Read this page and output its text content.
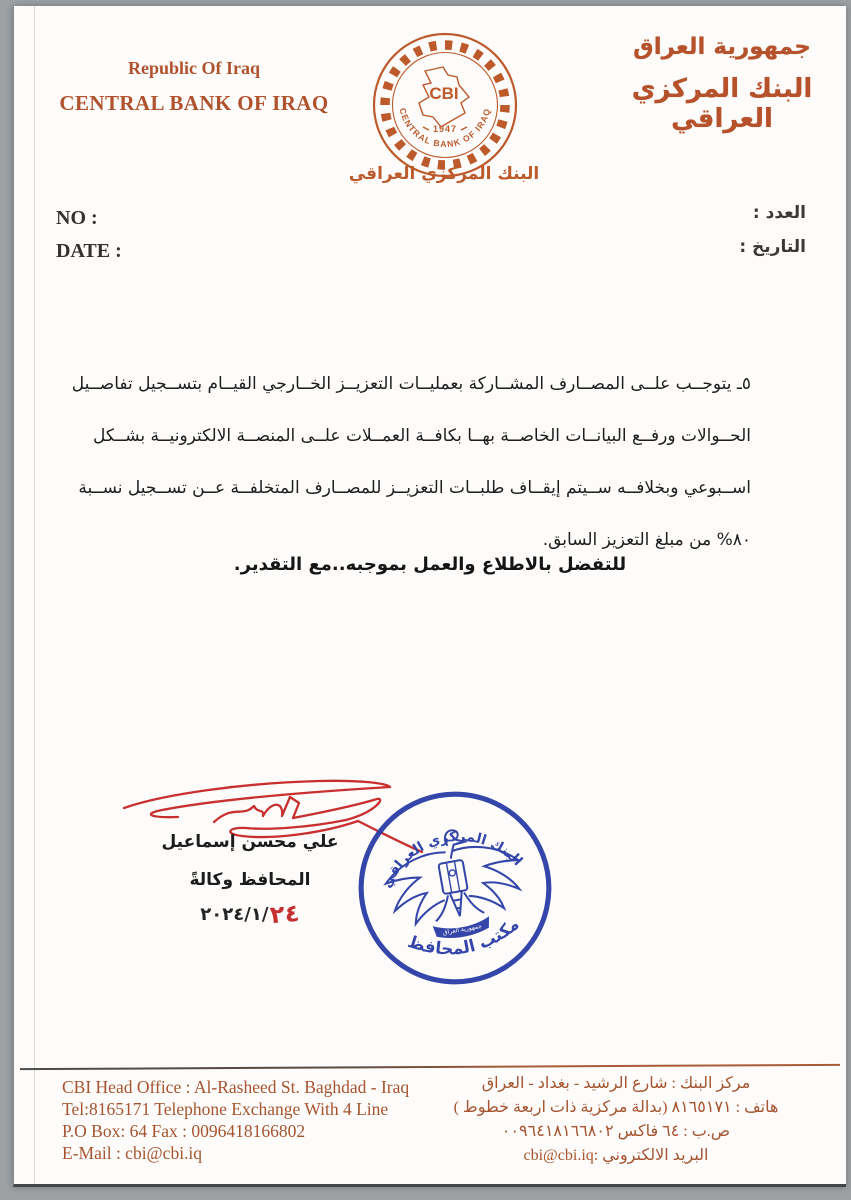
Republic Of Iraq
CENTRAL BANK OF IRAQ	CBI
1947
CENTRAL BANK OF IRAQ
البنك المركزي العراقي
جمهورية العراق
البنك المركزي العراقي
NO :
DATE :
العدد :
التاريخ :
٥ـ يتوجــب علــى المصــارف المشــاركة بعمليــات التعزيــز الخــارجي القيــام بتســجيل تفاصــيل
الحــوالات ورفــع البيانــات الخاصــة بهــا بكافــة العمــلات علــى المنصــة الالكترونيــة بشــكل
اســبوعي وبخلافــه ســيتم إيقــاف طلبــات التعزيــز للمصــارف المتخلفــة عــن تســجيل نســبة
٨٠% من مبلغ التعزيز السابق.
للتفضل بالاطلاع والعمل بموجبه..مع التقدير.
علي محسن إسماعيل
المحافظ وكالةً
٢٠٢٤/١/٢٤
جمهورية العراق
البنك المركزي العراقي
مكتب المحافظ
CBI Head Office : Al-Rasheed St. Baghdad - Iraq
Tel:8165171 Telephone Exchange With 4 Line
P.O Box: 64 Fax : 0096418166802
E-Mail : cbi@cbi.iq
مركز البنك : شارع الرشيد - بغداد - العراق
هاتف : ٨١٦٥١٧١ (بدالة مركزية ذات اربعة خطوط )
ص.ب : ٦٤ فاكس ٠٠٩٦٤١٨١٦٦٨٠٢
البريد الالكتروني :cbi@cbi.iq
